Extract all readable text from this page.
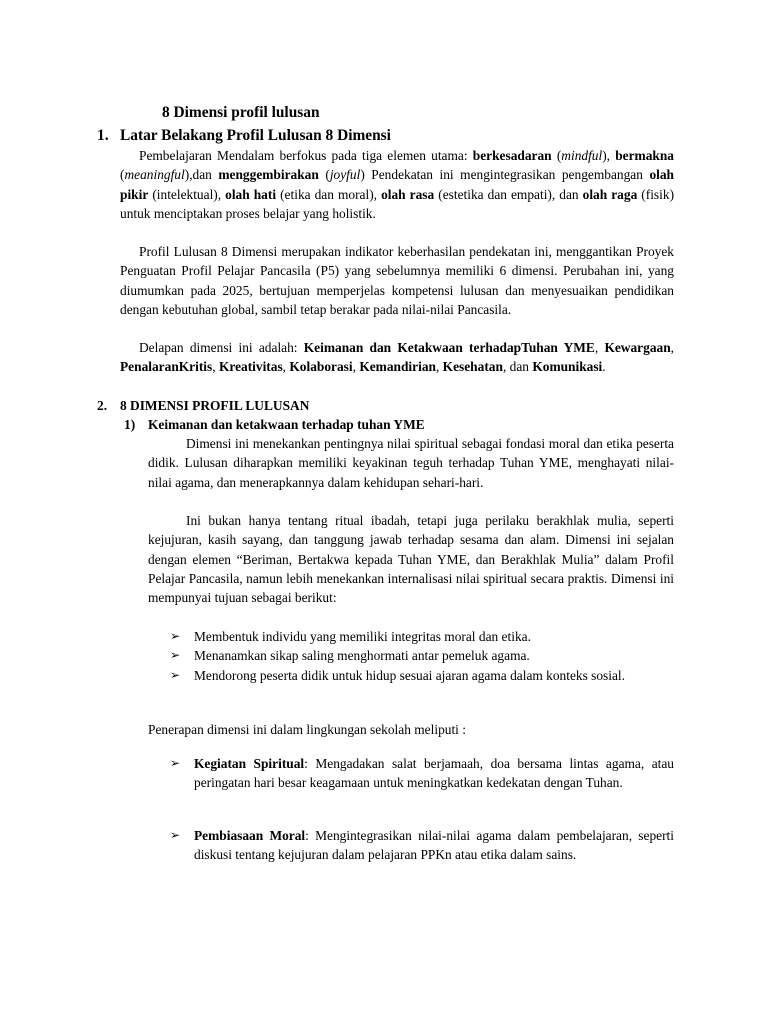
8 Dimensi profil lulusan
1. Latar Belakang Profil Lulusan 8 Dimensi
Pembelajaran Mendalam berfokus pada tiga elemen utama: berkesadaran (mindful), bermakna (meaningful),dan menggembirakan (joyful) Pendekatan ini mengintegrasikan pengembangan olah pikir (intelektual), olah hati (etika dan moral), olah rasa (estetika dan empati), dan olah raga (fisik) untuk menciptakan proses belajar yang holistik.
Profil Lulusan 8 Dimensi merupakan indikator keberhasilan pendekatan ini, menggantikan Proyek Penguatan Profil Pelajar Pancasila (P5) yang sebelumnya memiliki 6 dimensi. Perubahan ini, yang diumumkan pada 2025, bertujuan memperjelas kompetensi lulusan dan menyesuaikan pendidikan dengan kebutuhan global, sambil tetap berakar pada nilai-nilai Pancasila.
Delapan dimensi ini adalah: Keimanan dan Ketakwaan terhadapTuhan YME, Kewargaan, PenalaranKritis, Kreativitas, Kolaborasi, Kemandirian, Kesehatan, dan Komunikasi.
2. 8 DIMENSI PROFIL LULUSAN
1) Keimanan dan ketakwaan terhadap tuhan YME
Dimensi ini menekankan pentingnya nilai spiritual sebagai fondasi moral dan etika peserta didik. Lulusan diharapkan memiliki keyakinan teguh terhadap Tuhan YME, menghayati nilai-nilai agama, dan menerapkannya dalam kehidupan sehari-hari.
Ini bukan hanya tentang ritual ibadah, tetapi juga perilaku berakhlak mulia, seperti kejujuran, kasih sayang, dan tanggung jawab terhadap sesama dan alam. Dimensi ini sejalan dengan elemen “Beriman, Bertakwa kepada Tuhan YME, dan Berakhlak Mulia” dalam Profil Pelajar Pancasila, namun lebih menekankan internalisasi nilai spiritual secara praktis. Dimensi ini mempunyai tujuan sebagai berikut:
➢ Membentuk individu yang memiliki integritas moral dan etika.
➢ Menanamkan sikap saling menghormati antar pemeluk agama.
➢ Mendorong peserta didik untuk hidup sesuai ajaran agama dalam konteks sosial.
Penerapan dimensi ini dalam lingkungan sekolah meliputi :
➢ Kegiatan Spiritual: Mengadakan salat berjamaah, doa bersama lintas agama, atau peringatan hari besar keagamaan untuk meningkatkan kedekatan dengan Tuhan.
➢ Pembiasaan Moral: Mengintegrasikan nilai-nilai agama dalam pembelajaran, seperti diskusi tentang kejujuran dalam pelajaran PPKn atau etika dalam sains.
